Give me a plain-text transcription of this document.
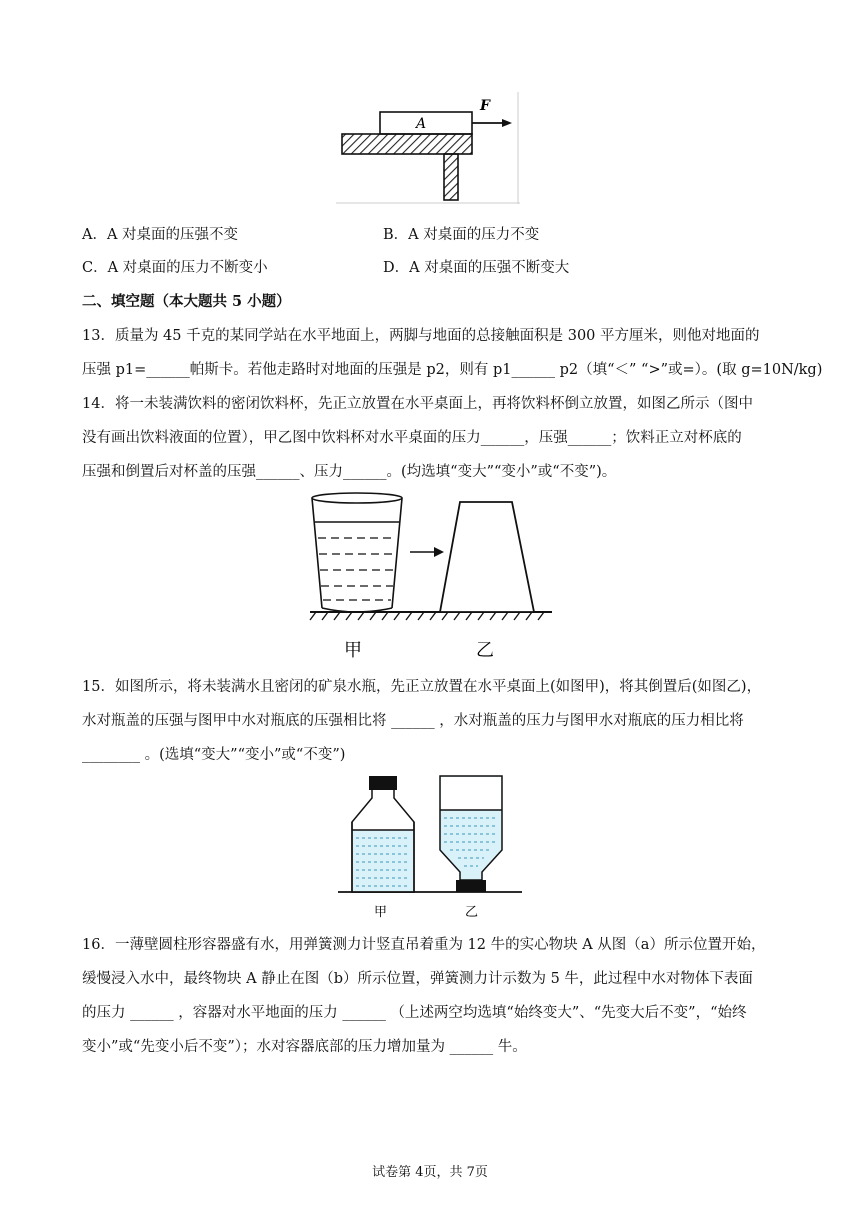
A
F
A．A 对桌面的压强不变	B．A 对桌面的压力不变
C．A 对桌面的压力不断变小	D．A 对桌面的压强不断变大
二、填空题（本大题共 5 小题）
13．质量为 45 千克的某同学站在水平地面上，两脚与地面的总接触面积是 300 平方厘米，则他对地面的
压强 p1=______帕斯卡。若他走路时对地面的压强是 p2，则有 p1______ p2（填“＜” “>”或=）。(取 g=10N/kg)
14．将一未装满饮料的密闭饮料杯，先正立放置在水平桌面上，再将饮料杯倒立放置，如图乙所示（图中
没有画出饮料液面的位置），甲乙图中饮料杯对水平桌面的压力______，压强______；饮料正立对杯底的
压强和倒置后对杯盖的压强______、压力______。(均选填“变大”“变小”或“不变”)。
甲	乙
15．如图所示，将未装满水且密闭的矿泉水瓶，先正立放置在水平桌面上(如图甲)，将其倒置后(如图乙)，
水对瓶盖的压强与图甲中水对瓶底的压强相比将 ______ ，水对瓶盖的压力与图甲水对瓶底的压力相比将
________ 。(选填“变大”“变小”或“不变”)
甲	乙
16．一薄壁圆柱形容器盛有水，用弹簧测力计竖直吊着重为 12 牛的实心物块 A 从图（a）所示位置开始，
缓慢浸入水中，最终物块 A 静止在图（b）所示位置，弹簧测力计示数为 5 牛，此过程中水对物体下表面
的压力 ______ ，容器对水平地面的压力 ______ （上述两空均选填“始终变大”、“先变大后不变”，“始终
变小”或“先变小后不变”）；水对容器底部的压力增加量为 ______ 牛。
试卷第 4页，共 7页
